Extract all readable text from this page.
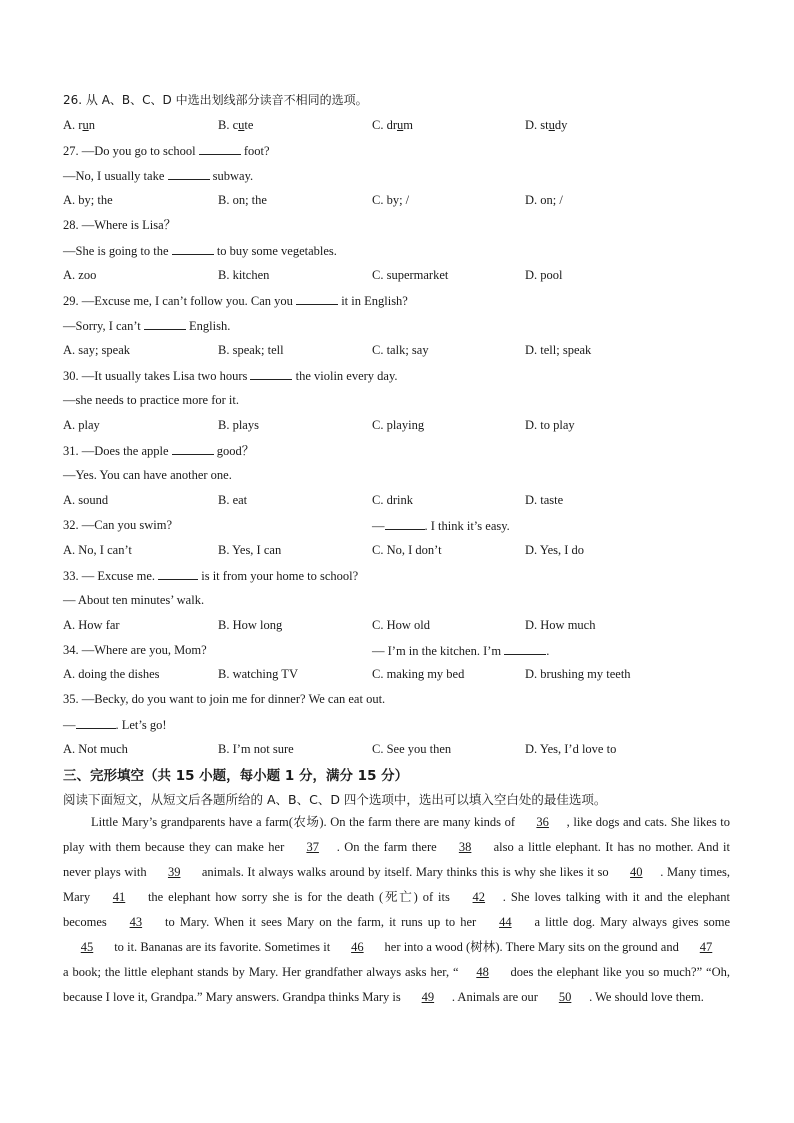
26. 从 A、B、C、D 中选出划线部分读音不相同的选项。
A. run	B. cute	C. drum	D. study
27. —Do you go to school	foot?
—No, I usually take	subway.
A. by; the	B. on; the	C. by; /	D. on; /
28. —Where is Lisa？
—She is going to the	to buy some vegetables.
A. zoo	B. kitchen	C. supermarket	D. pool
29. —Excuse me, I can’t follow you. Can you	it in English?
—Sorry, I can’t	English.
A. say; speak	B. speak; tell	C. talk; say	D. tell; speak
30. —It usually takes Lisa two hours	the violin every day.
—she needs to practice more for it.
A. play	B. plays	C. playing	D. to play
31. —Does the apple	good？
—Yes. You can have another one.
A. sound	B. eat	C. drink	D. taste
32. —Can you swim?	—	. I think it’s easy.
A. No, I can’t	B. Yes, I can	C. No, I don’t	D. Yes, I do
33. — Excuse me.	is it from your home to school?
— About ten minutes’ walk.
A. How far	B. How long	C. How old	D. How much
34. —Where are you, Mom?	— I’m in the kitchen. I’m	.
A. doing the dishes	B. watching TV	C. making my bed	D. brushing my teeth
35. —Becky, do you want to join me for dinner? We can eat out.
—	. Let’s go!
A. Not much	B. I’m not sure	C. See you then	D. Yes, I’d love to
三、完形填空（共 15 小题，每小题 1 分，满分 15 分）
阅读下面短文，从短文后各题所给的 A、B、C、D 四个选项中，选出可以填入空白处的最佳选项。
Little Mary’s grandparents have a farm(农场). On the farm there are many kinds of 36 , like dogs and cats. She likes to play with them because they can make her 37 . On the farm there 38 also a little elephant. It has no mother. And it never plays with 39 animals. It always walks around by itself. Mary thinks this is why she likes it so 40 . Many times, Mary 41 the elephant how sorry she is for the death (死亡) of its 42 . She loves talking with it and the elephant becomes 43 to Mary. When it sees Mary on the farm, it runs up to her 44 a little dog. Mary always gives some 45 to it. Bananas are its favorite. Sometimes it 46 her into a wood (树林). There Mary sits on the ground and 47 a book; the little elephant stands by Mary. Her grandfather always asks her, “ 48 does the elephant like you so much?” “Oh, because I love it, Grandpa.” Mary answers. Grandpa thinks Mary is 49 . Animals are our 50 . We should love them.
